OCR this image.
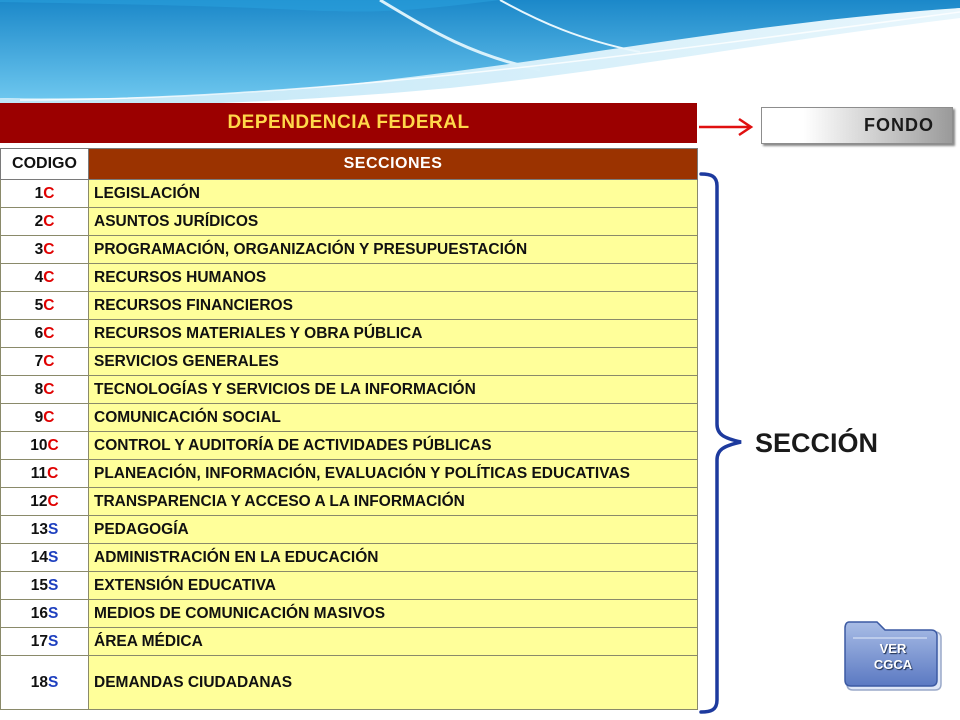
DEPENDENCIA FEDERAL	FONDO
CODIGO	SECCIONES
1C	LEGISLACIÓN
2C	ASUNTOS JURÍDICOS
3C	PROGRAMACIÓN, ORGANIZACIÓN Y PRESUPUESTACIÓN
4C	RECURSOS HUMANOS
5C	RECURSOS FINANCIEROS
6C	RECURSOS MATERIALES Y OBRA PÚBLICA
7C	SERVICIOS GENERALES
8C	TECNOLOGÍAS Y SERVICIOS DE LA INFORMACIÓN
9C	COMUNICACIÓN SOCIAL
10C	CONTROL Y AUDITORÍA DE ACTIVIDADES PÚBLICAS
11C	PLANEACIÓN, INFORMACIÓN, EVALUACIÓN Y POLÍTICAS EDUCATIVAS
12C	TRANSPARENCIA Y ACCESO A LA INFORMACIÓN
13S	PEDAGOGÍA
14S	ADMINISTRACIÓN EN LA EDUCACIÓN
15S	EXTENSIÓN EDUCATIVA
16S	MEDIOS DE COMUNICACIÓN MASIVOS
17S	ÁREA MÉDICA
18S	DEMANDAS CIUDADANAS
SECCIÓN
VER
CGCA
